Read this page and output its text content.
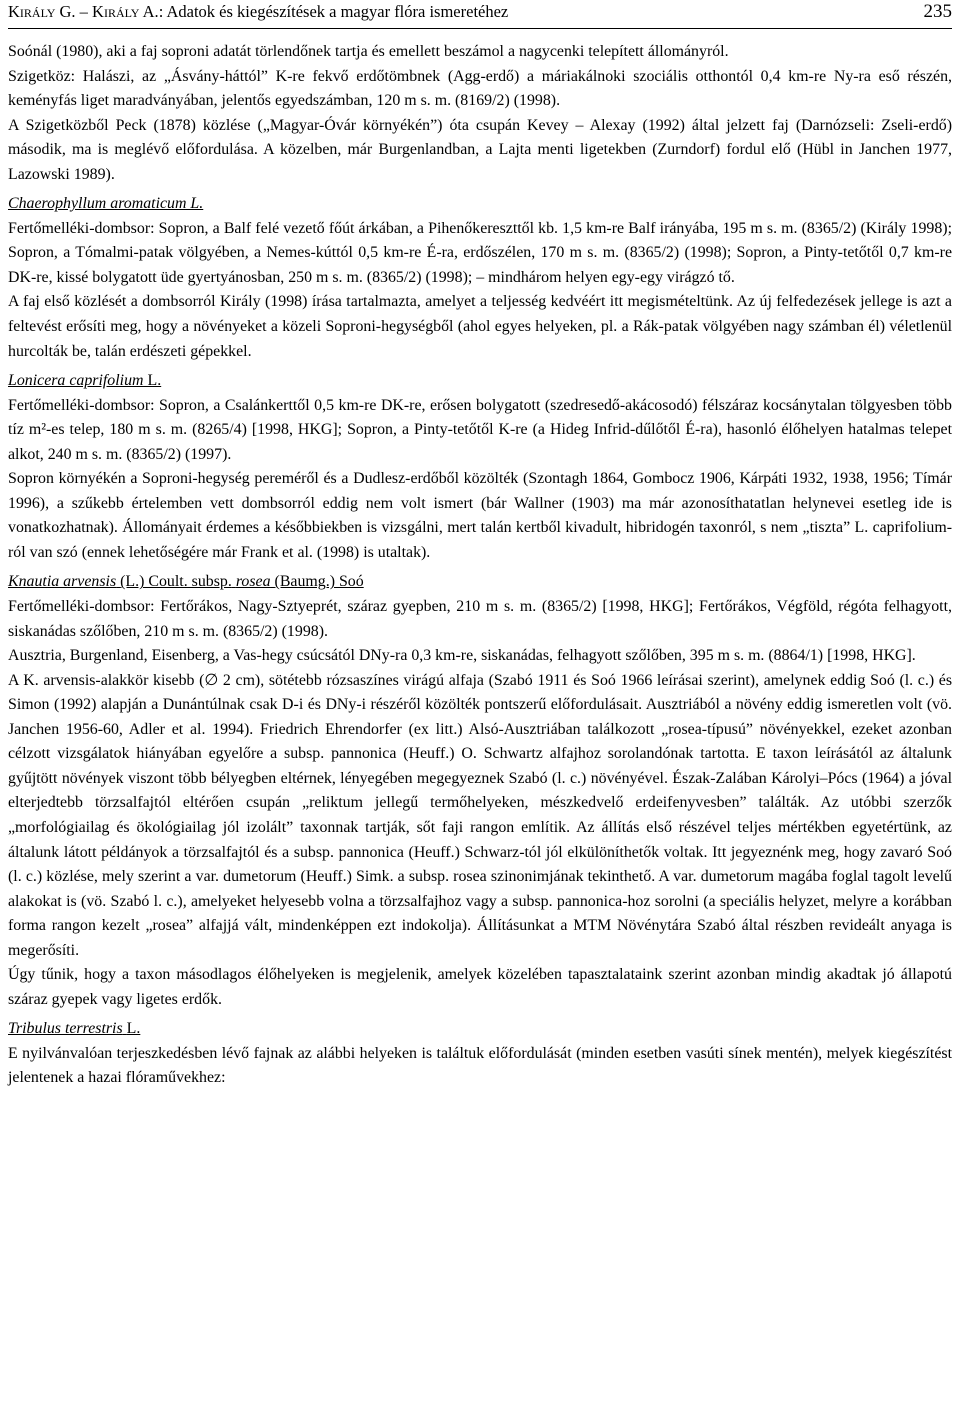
Király G. – Király A.: Adatok és kiegészítések a magyar flóra ismeretéhez	235

Soónál (1980), aki a faj soproni adatát törlendőnek tartja és emellett beszámol a nagycenki telepített állományról.

Szigetköz: Halászi, az „Ásvány-háttól” K-re fekvő erdőtömbnek (Agg-erdő) a máriakálnoki szociális otthontól 0,4 km-re Ny-ra eső részén, keményfás liget maradványában, jelentős egyedszámban, 120 m s. m. (8169/2) (1998).

A Szigetközből Peck (1878) közlése („Magyar-Óvár környékén”) óta csupán Kevey – Alexay (1992) által jelzett faj (Darnózseli: Zseli-erdő) második, ma is meglévő előfordulása. A közelben, már Burgenlandban, a Lajta menti ligetekben (Zurndorf) fordul elő (Hübl in Janchen 1977, Lazowski 1989).

Chaerophyllum aromaticum L.

Fertőmelléki-dombsor: Sopron, a Balf felé vezető főút árkában, a Pihenőkereszttől kb. 1,5 km-re Balf irányába, 195 m s. m. (8365/2) (Király 1998); Sopron, a Tómalmi-patak völgyében, a Nemes-kúttól 0,5 km-re É-ra, erdőszélen, 170 m s. m. (8365/2) (1998); Sopron, a Pinty-tetőtől 0,7 km-re DK-re, kissé bolygatott üde gyertyánosban, 250 m s. m. (8365/2) (1998); – mindhárom helyen egy-egy virágzó tő.

A faj első közlését a dombsorról Király (1998) írása tartalmazta, amelyet a teljesség kedvéért itt megismételtünk. Az új felfedezések jellege is azt a feltevést erősíti meg, hogy a növényeket a közeli Soproni-hegységből (ahol egyes helyeken, pl. a Rák-patak völgyében nagy számban él) véletlenül hurcolták be, talán erdészeti gépekkel.

Lonicera caprifolium L.

Fertőmelléki-dombsor: Sopron, a Csalánkerttől 0,5 km-re DK-re, erősen bolygatott (szedresedő-akácosodó) félszáraz kocsánytalan tölgyesben több tíz m²-es telep, 180 m s. m. (8265/4) [1998, HKG]; Sopron, a Pinty-tetőtől K-re (a Hideg Infrid-dűlőtől É-ra), hasonló élőhelyen hatalmas telepet alkot, 240 m s. m. (8365/2) (1997).

Sopron környékén a Soproni-hegység pereméről és a Dudlesz-erdőből közölték (Szontagh 1864, Gombocz 1906, Kárpáti 1932, 1938, 1956; Tímár 1996), a szűkebb értelemben vett dombsorról eddig nem volt ismert (bár Wallner (1903) ma már azonosíthatatlan helynevei esetleg ide is vonatkozhatnak). Állományait érdemes a későbbiekben is vizsgálni, mert talán kertből kivadult, hibridogén taxonról, s nem „tiszta” L. caprifolium-ról van szó (ennek lehetőségére már Frank et al. (1998) is utaltak).

Knautia arvensis (L.) Coult. subsp. rosea (Baumg.) Soó

Fertőmelléki-dombsor: Fertőrákos, Nagy-Sztyeprét, száraz gyepben, 210 m s. m. (8365/2) [1998, HKG]; Fertőrákos, Végföld, régóta felhagyott, siskanádas szőlőben, 210 m s. m. (8365/2) (1998).

Ausztria, Burgenland, Eisenberg, a Vas-hegy csúcsától DNy-ra 0,3 km-re, siskanádas, felhagyott szőlőben, 395 m s. m. (8864/1) [1998, HKG].

A K. arvensis-alakkör kisebb (∅ 2 cm), sötétebb rózsaszínes virágú alfaja (Szabó 1911 és Soó 1966 leírásai szerint), amelynek eddig Soó (l. c.) és Simon (1992) alapján a Dunántúlnak csak D-i és DNy-i részéről közölték pontszerű előfordulásait. Ausztriából a növény eddig ismeretlen volt (vö. Janchen 1956-60, Adler et al. 1994). Friedrich Ehrendorfer (ex litt.) Alsó-Ausztriában találkozott „rosea-típusú” növényekkel, ezeket azonban célzott vizsgálatok hiányában egyelőre a subsp. pannonica (Heuff.) O. Schwartz alfajhoz sorolandónak tartotta. E taxon leírásától az általunk gyűjtött növények viszont több bélyegben eltérnek, lényegében megegyeznek Szabó (l. c.) növényével. Észak-Zalában Károlyi–Pócs (1964) a jóval elterjedtebb törzsalfajtól eltérően csupán „reliktum jellegű termőhelyeken, mészkedvelő erdeifenyvesben” találták. Az utóbbi szerzők „morfológiailag és ökológiailag jól izolált” taxonnak tartják, sőt faji rangon említik. Az állítás első részével teljes mértékben egyetértünk, az általunk látott példányok a törzsalfajtól és a subsp. pannonica (Heuff.) Schwarz-tól jól elkülöníthetők voltak. Itt jegyeznénk meg, hogy zavaró Soó (l. c.) közlése, mely szerint a var. dumetorum (Heuff.) Simk. a subsp. rosea szinonimjának tekinthető. A var. dumetorum magába foglal tagolt levelű alakokat is (vö. Szabó l. c.), amelyeket helyesebb volna a törzsalfajhoz vagy a subsp. pannonica-hoz sorolni (a speciális helyzet, melyre a korábban forma rangon kezelt „rosea” alfajjá vált, mindenképpen ezt indokolja). Állításunkat a MTM Növénytára Szabó által részben revideált anyaga is megerősíti.

Úgy tűnik, hogy a taxon másodlagos élőhelyeken is megjelenik, amelyek közelében tapasztalataink szerint azonban mindig akadtak jó állapotú száraz gyepek vagy ligetes erdők.

Tribulus terrestris L.

E nyilvánvalóan terjeszkedésben lévő fajnak az alábbi helyeken is találtuk előfordulását (minden esetben vasúti sínek mentén), melyek kiegészítést jelentenek a hazai flóraművekhez:
